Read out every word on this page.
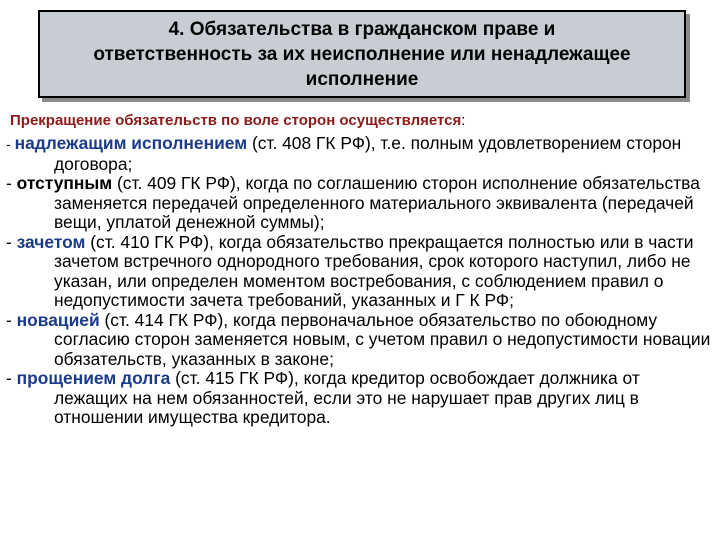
4. Обязательства в гражданском праве и
ответственность за их неисполнение или ненадлежащее
исполнение
Прекращение обязательств по воле сторон осуществляется:

- надлежащим исполнением (ст. 408 ГК РФ), т.е. полным удовлетворением сторон договора;

- отступным (ст. 409 ГК РФ), когда по соглашению сторон исполнение обязательства заменяется передачей определенного материального эквивалента (передачей вещи, уплатой денежной суммы);

- зачетом (ст. 410 ГК РФ), когда обязательство прекращается полностью или в части зачетом встречного однородного требования, срок которого наступил, либо не указан, или определен моментом востребования, с соблюдением правил о недопустимости зачета требований, указанных и Г К РФ;

- новацией (ст. 414 ГК РФ), когда первоначальное обязательство по обоюдному согласию сторон заменяется новым, с учетом правил о недопустимости новации обязательств, указанных в законе;

- прощением долга (ст. 415 ГК РФ), когда кредитор освобождает должника от лежащих на нем обязанностей, если это не нарушает прав других лиц в отношении имущества кредитора.
